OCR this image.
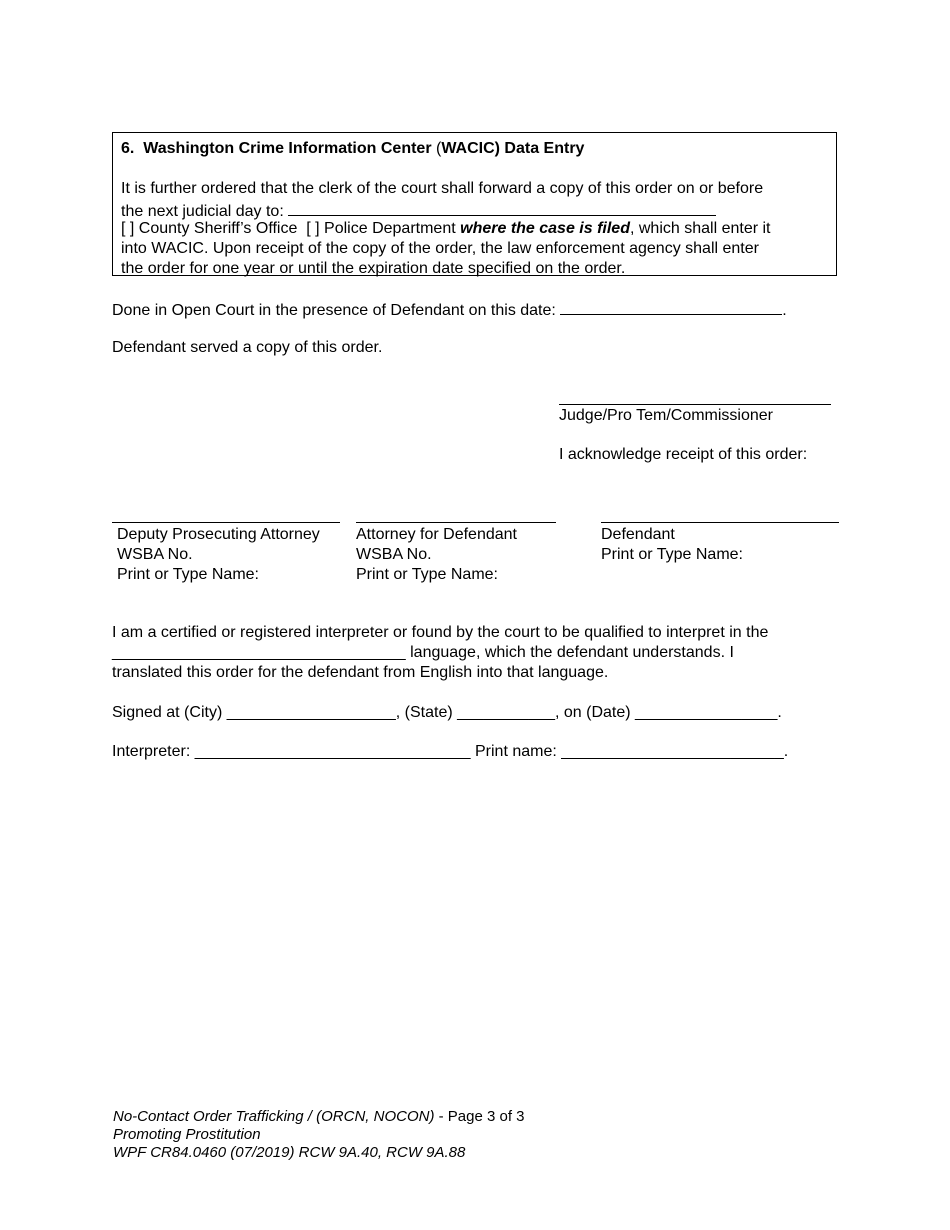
6. Washington Crime Information Center (WACIC) Data Entry
It is further ordered that the clerk of the court shall forward a copy of this order on or before
the next judicial day to:
[ ] County Sheriff’s Office [ ] Police Department where the case is filed, which shall enter it
into WACIC. Upon receipt of the copy of the order, the law enforcement agency shall enter
the order for one year or until the expiration date specified on the order.
Done in Open Court in the presence of Defendant on this date:	.
Defendant served a copy of this order.
Judge/Pro Tem/Commissioner
I acknowledge receipt of this order:
Deputy Prosecuting Attorney
WSBA No.
Print or Type Name:
Attorney for Defendant
WSBA No.
Print or Type Name:
Defendant
Print or Type Name:
I am a certified or registered interpreter or found by the court to be qualified to interpret in the
_________________________________ language, which the defendant understands. I
translated this order for the defendant from English into that language.
Signed at (City) ___________________, (State) ___________, on (Date) ________________.
Interpreter: _______________________________ Print name: _________________________.
No-Contact Order Trafficking / (ORCN, NOCON) - Page 3 of 3
Promoting Prostitution
WPF CR84.0460 (07/2019) RCW 9A.40, RCW 9A.88
